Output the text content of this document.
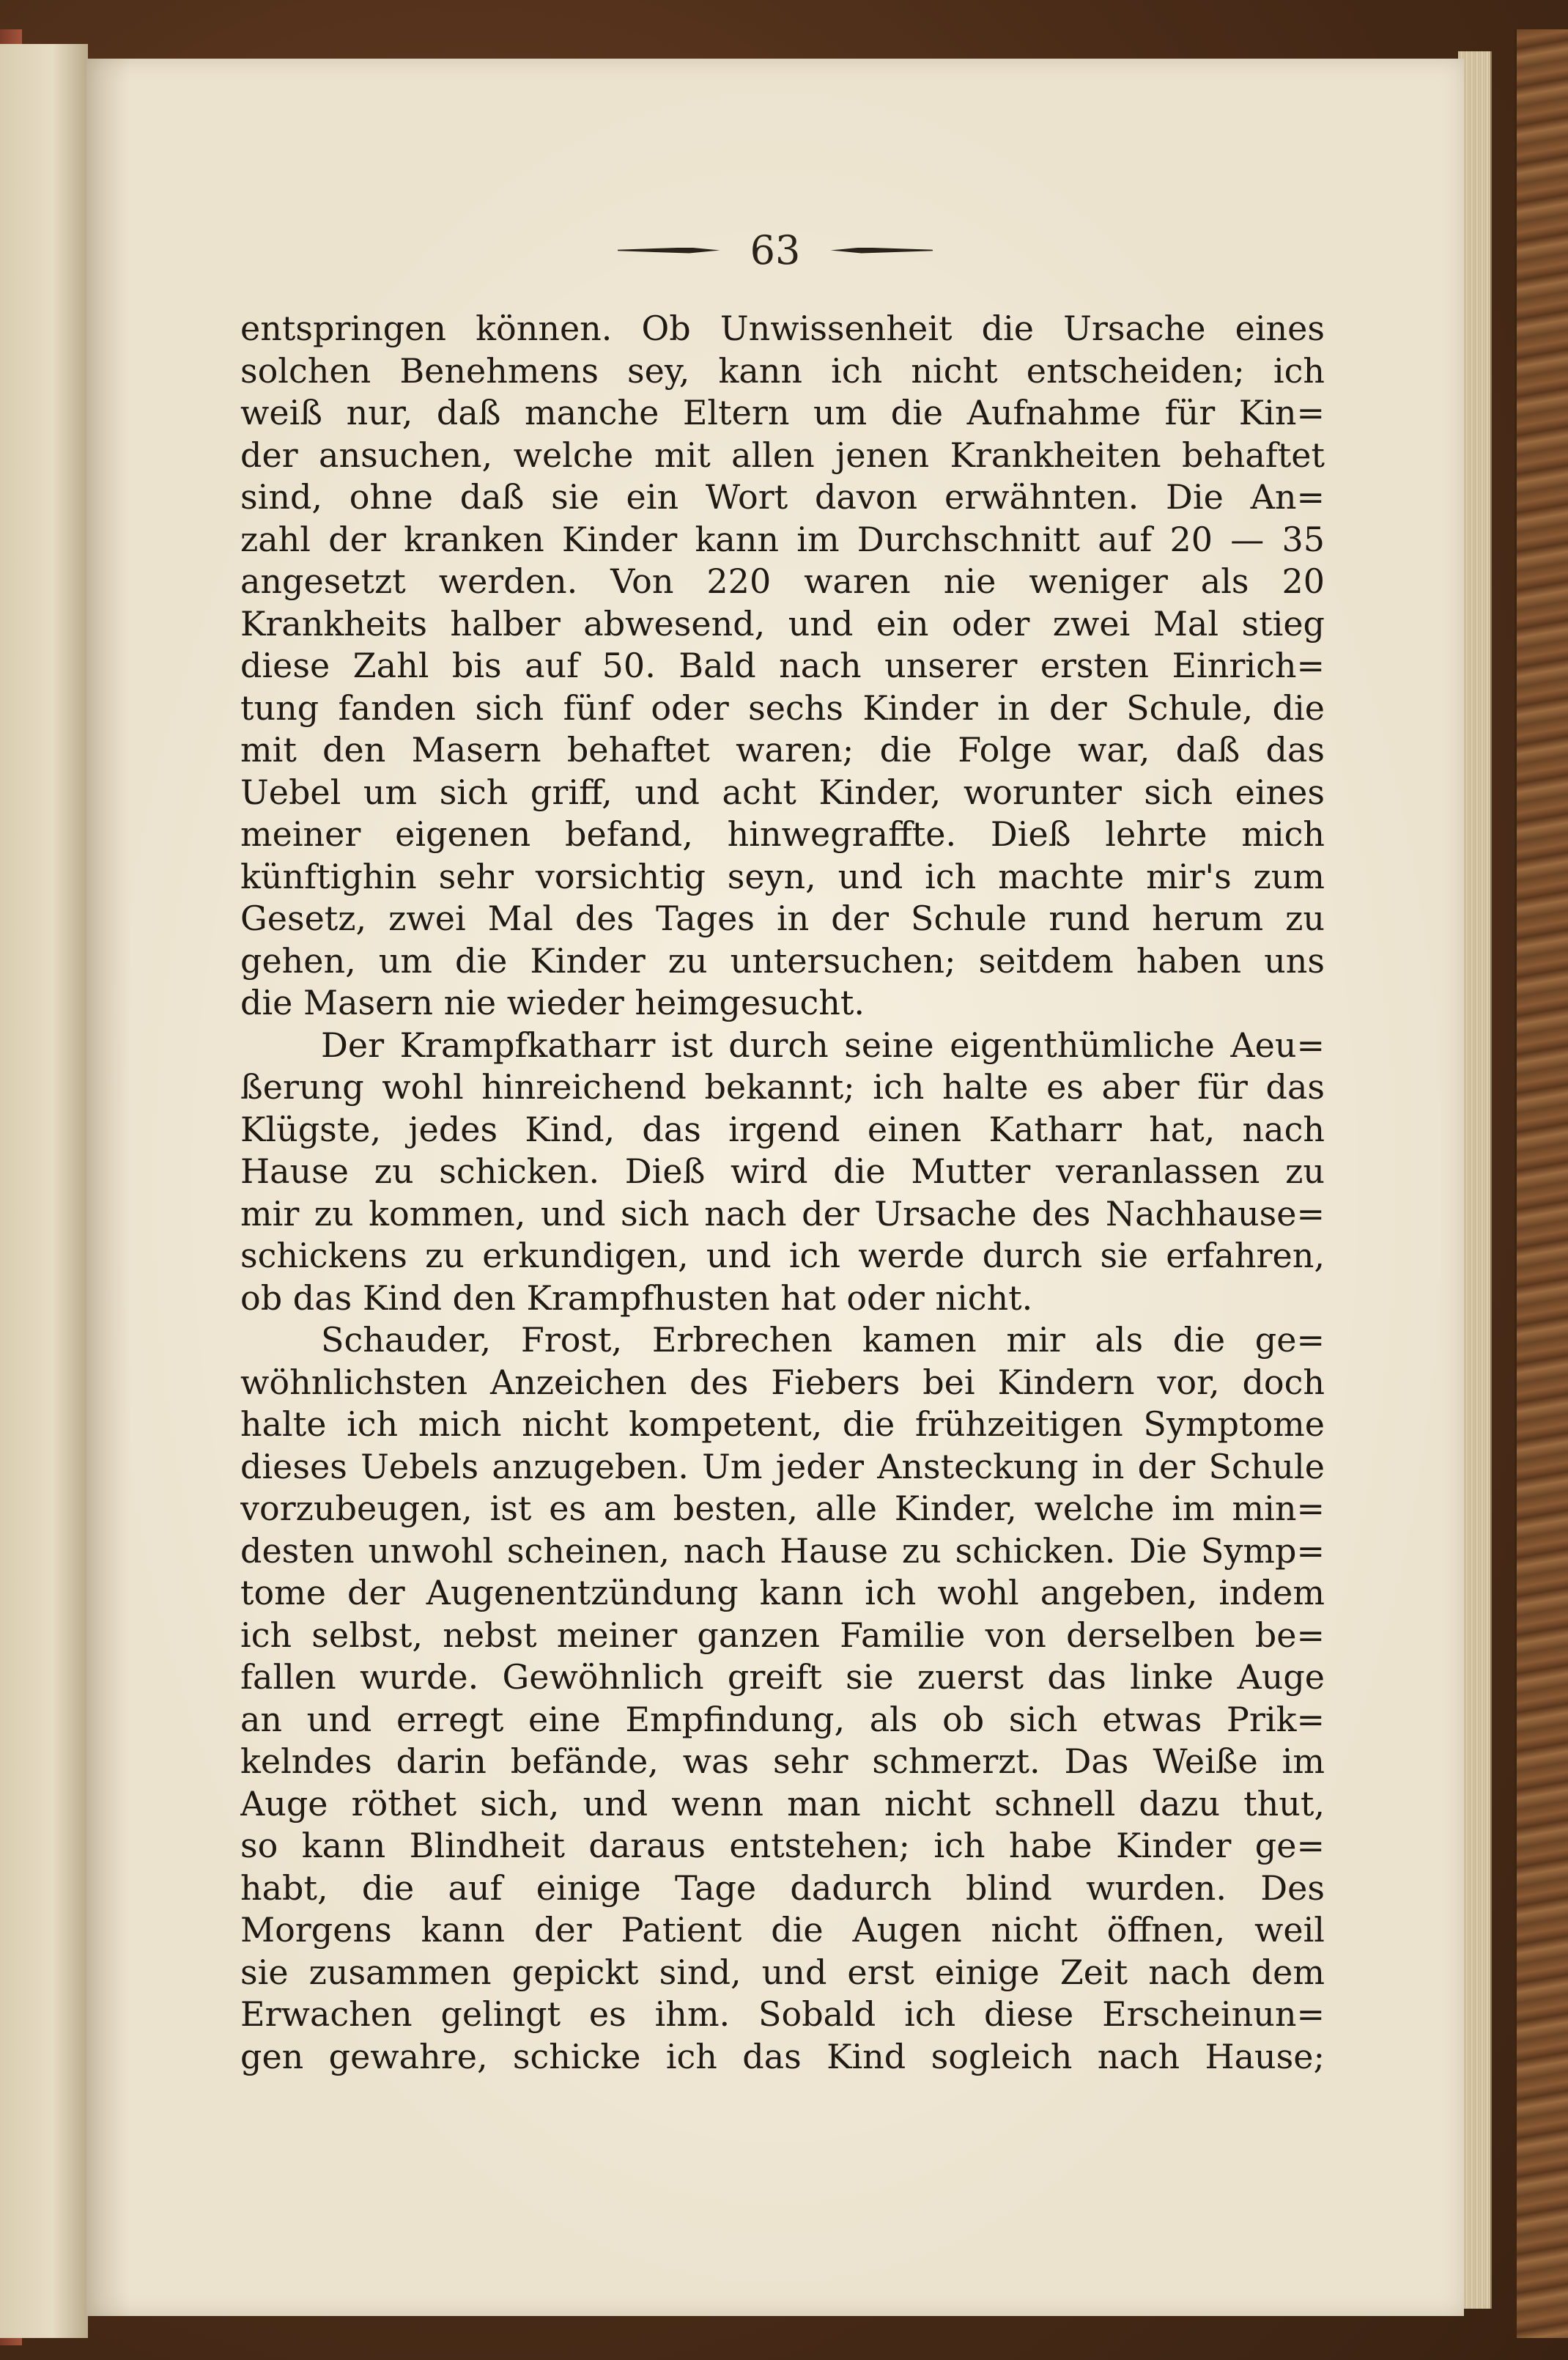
63
entspringen können. Ob Unwissenheit die Ursache eines
solchen Benehmens sey, kann ich nicht entscheiden; ich
weiß nur, daß manche Eltern um die Aufnahme für Kin=
der ansuchen, welche mit allen jenen Krankheiten behaftet
sind, ohne daß sie ein Wort davon erwähnten. Die An=
zahl der kranken Kinder kann im Durchschnitt auf 20 — 35
angesetzt werden. Von 220 waren nie weniger als 20
Krankheits halber abwesend, und ein oder zwei Mal stieg
diese Zahl bis auf 50. Bald nach unserer ersten Einrich=
tung fanden sich fünf oder sechs Kinder in der Schule, die
mit den Masern behaftet waren; die Folge war, daß das
Uebel um sich griff, und acht Kinder, worunter sich eines
meiner eigenen befand, hinwegraffte. Dieß lehrte mich
künftighin sehr vorsichtig seyn, und ich machte mir's zum
Gesetz, zwei Mal des Tages in der Schule rund herum zu
gehen, um die Kinder zu untersuchen; seitdem haben uns
die Masern nie wieder heimgesucht.
Der Krampfkatharr ist durch seine eigenthümliche Aeu=
ßerung wohl hinreichend bekannt; ich halte es aber für das
Klügste, jedes Kind, das irgend einen Katharr hat, nach
Hause zu schicken. Dieß wird die Mutter veranlassen zu
mir zu kommen, und sich nach der Ursache des Nachhause=
schickens zu erkundigen, und ich werde durch sie erfahren,
ob das Kind den Krampfhusten hat oder nicht.
Schauder, Frost, Erbrechen kamen mir als die ge=
wöhnlichsten Anzeichen des Fiebers bei Kindern vor, doch
halte ich mich nicht kompetent, die frühzeitigen Symptome
dieses Uebels anzugeben. Um jeder Ansteckung in der Schule
vorzubeugen, ist es am besten, alle Kinder, welche im min=
desten unwohl scheinen, nach Hause zu schicken. Die Symp=
tome der Augenentzündung kann ich wohl angeben, indem
ich selbst, nebst meiner ganzen Familie von derselben be=
fallen wurde. Gewöhnlich greift sie zuerst das linke Auge
an und erregt eine Empfindung, als ob sich etwas Prik=
kelndes darin befände, was sehr schmerzt. Das Weiße im
Auge röthet sich, und wenn man nicht schnell dazu thut,
so kann Blindheit daraus entstehen; ich habe Kinder ge=
habt, die auf einige Tage dadurch blind wurden. Des
Morgens kann der Patient die Augen nicht öffnen, weil
sie zusammen gepickt sind, und erst einige Zeit nach dem
Erwachen gelingt es ihm. Sobald ich diese Erscheinun=
gen gewahre, schicke ich das Kind sogleich nach Hause;
